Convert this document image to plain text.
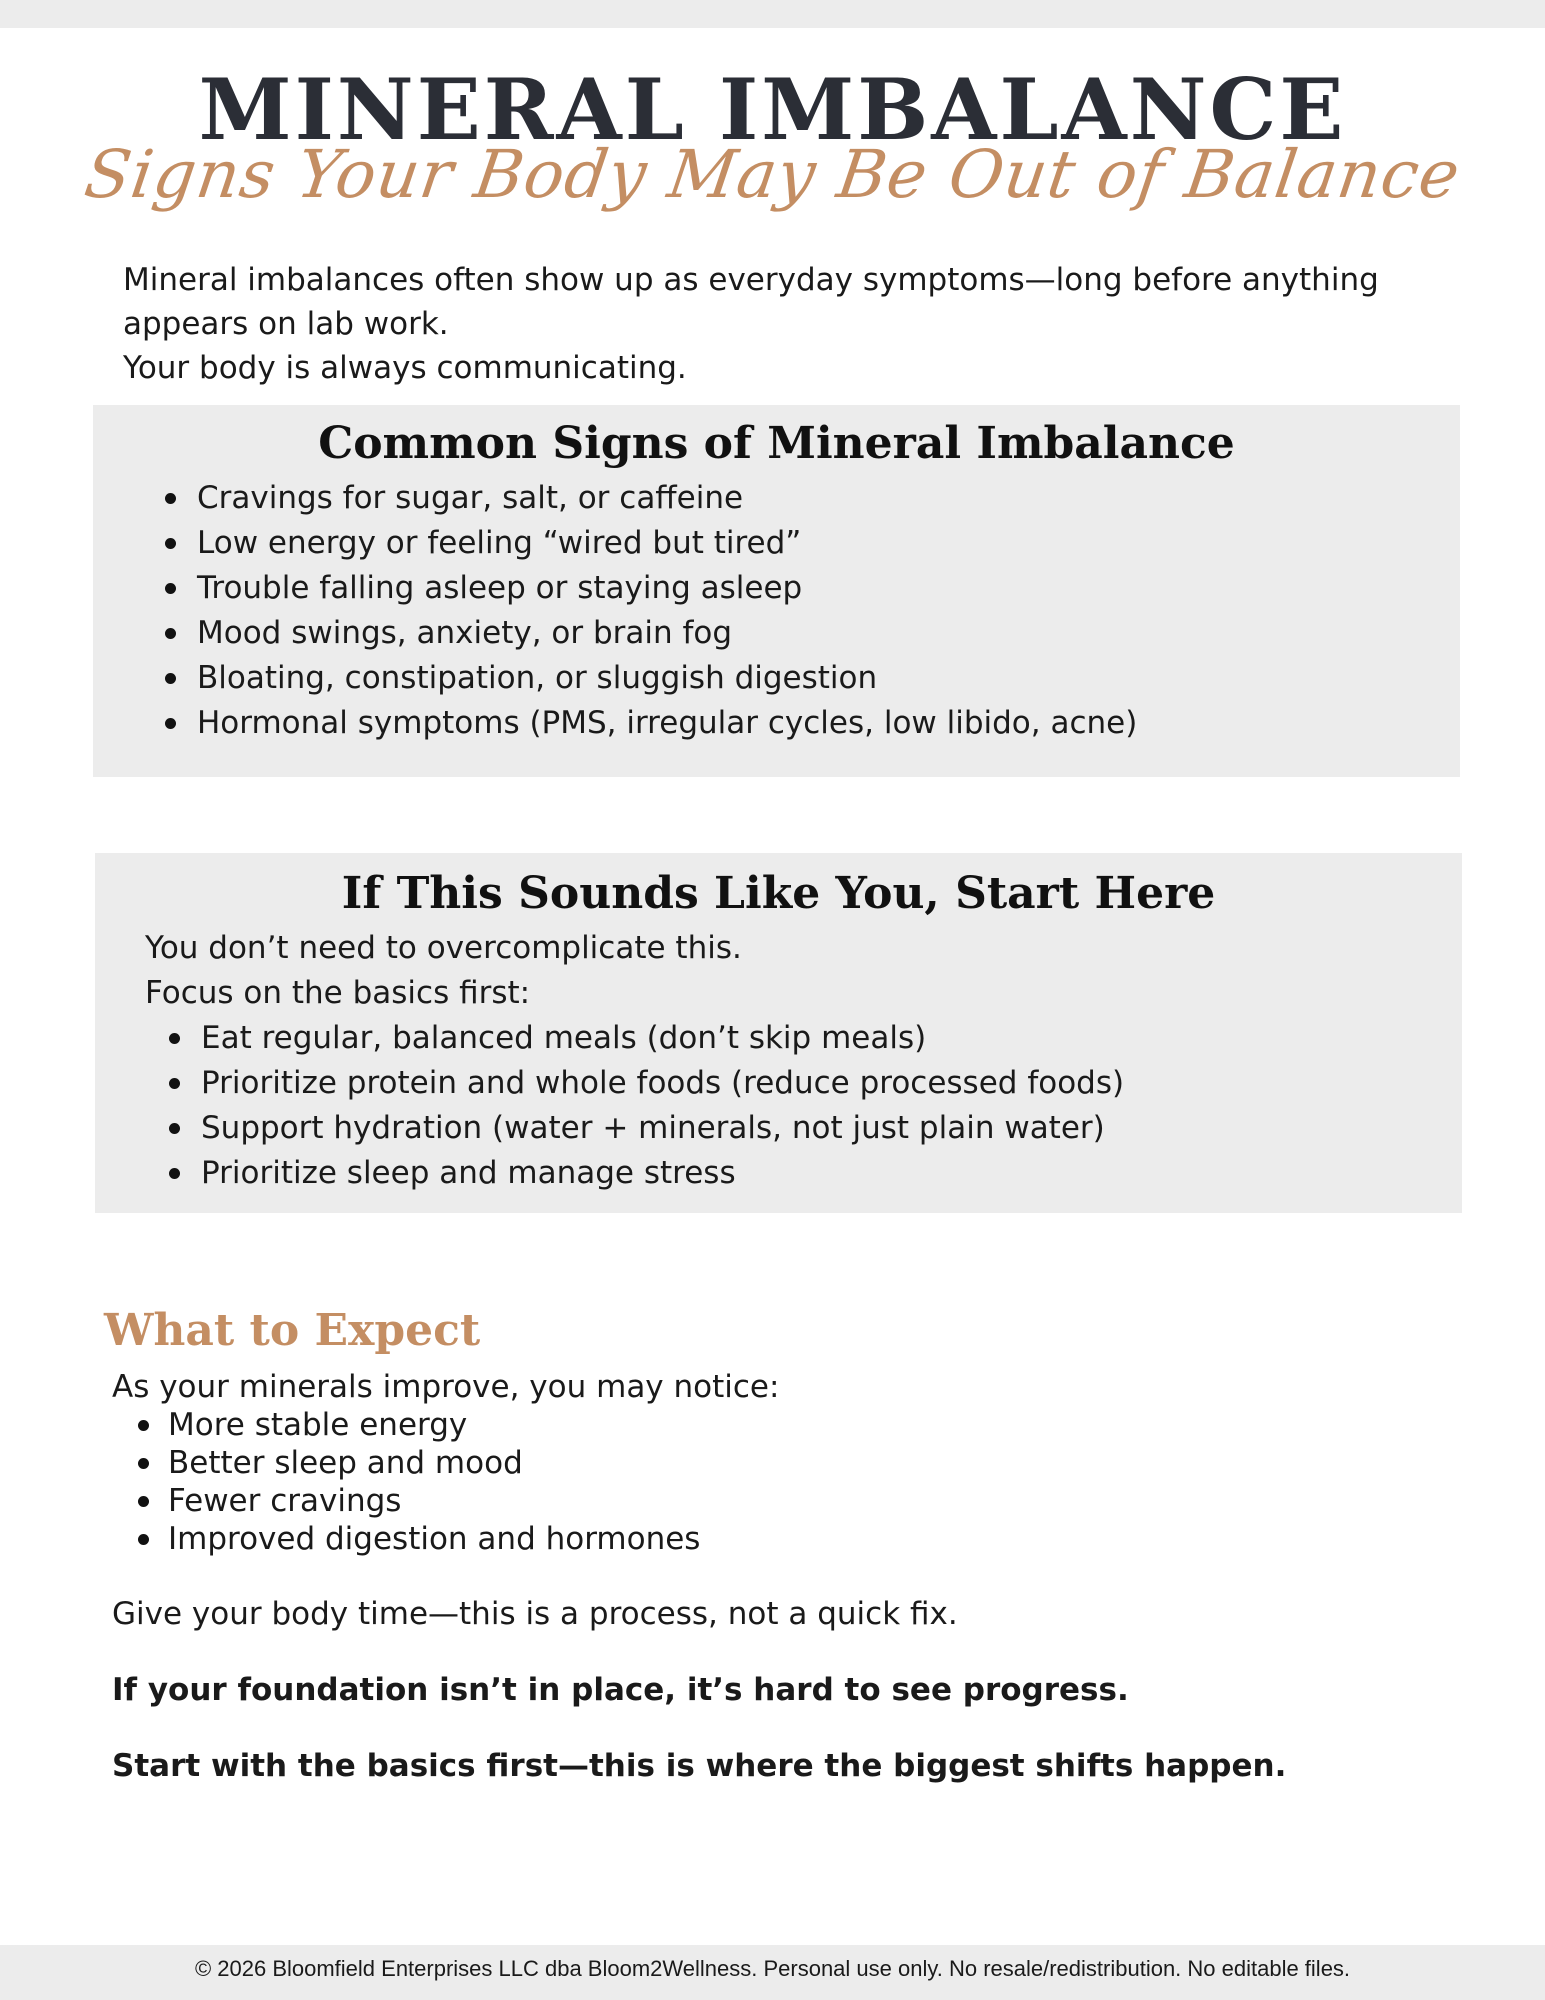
MINERAL IMBALANCE
Signs Your Body May Be Out of Balance

Mineral imbalances often show up as everyday symptoms—long before anything appears on lab work.

Your body is always communicating.

Common Signs of Mineral Imbalance
Cravings for sugar, salt, or caffeine
Low energy or feeling “wired but tired”
Trouble falling asleep or staying asleep
Mood swings, anxiety, or brain fog
Bloating, constipation, or sluggish digestion
Hormonal symptoms (PMS, irregular cycles, low libido, acne)
If This Sounds Like You, Start Here

You don’t need to overcomplicate this.

Focus on the basics first:

Eat regular, balanced meals (don’t skip meals)
Prioritize protein and whole foods (reduce processed foods)
Support hydration (water + minerals, not just plain water)
Prioritize sleep and manage stress
What to Expect

As your minerals improve, you may notice:

More stable energy
Better sleep and mood
Fewer cravings
Improved digestion and hormones

Give your body time—this is a process, not a quick fix.

If your foundation isn’t in place, it’s hard to see progress.

Start with the basics first—this is where the biggest shifts happen.

© 2026 Bloomfield Enterprises LLC dba Bloom2Wellness. Personal use only. No resale/redistribution. No editable files.
